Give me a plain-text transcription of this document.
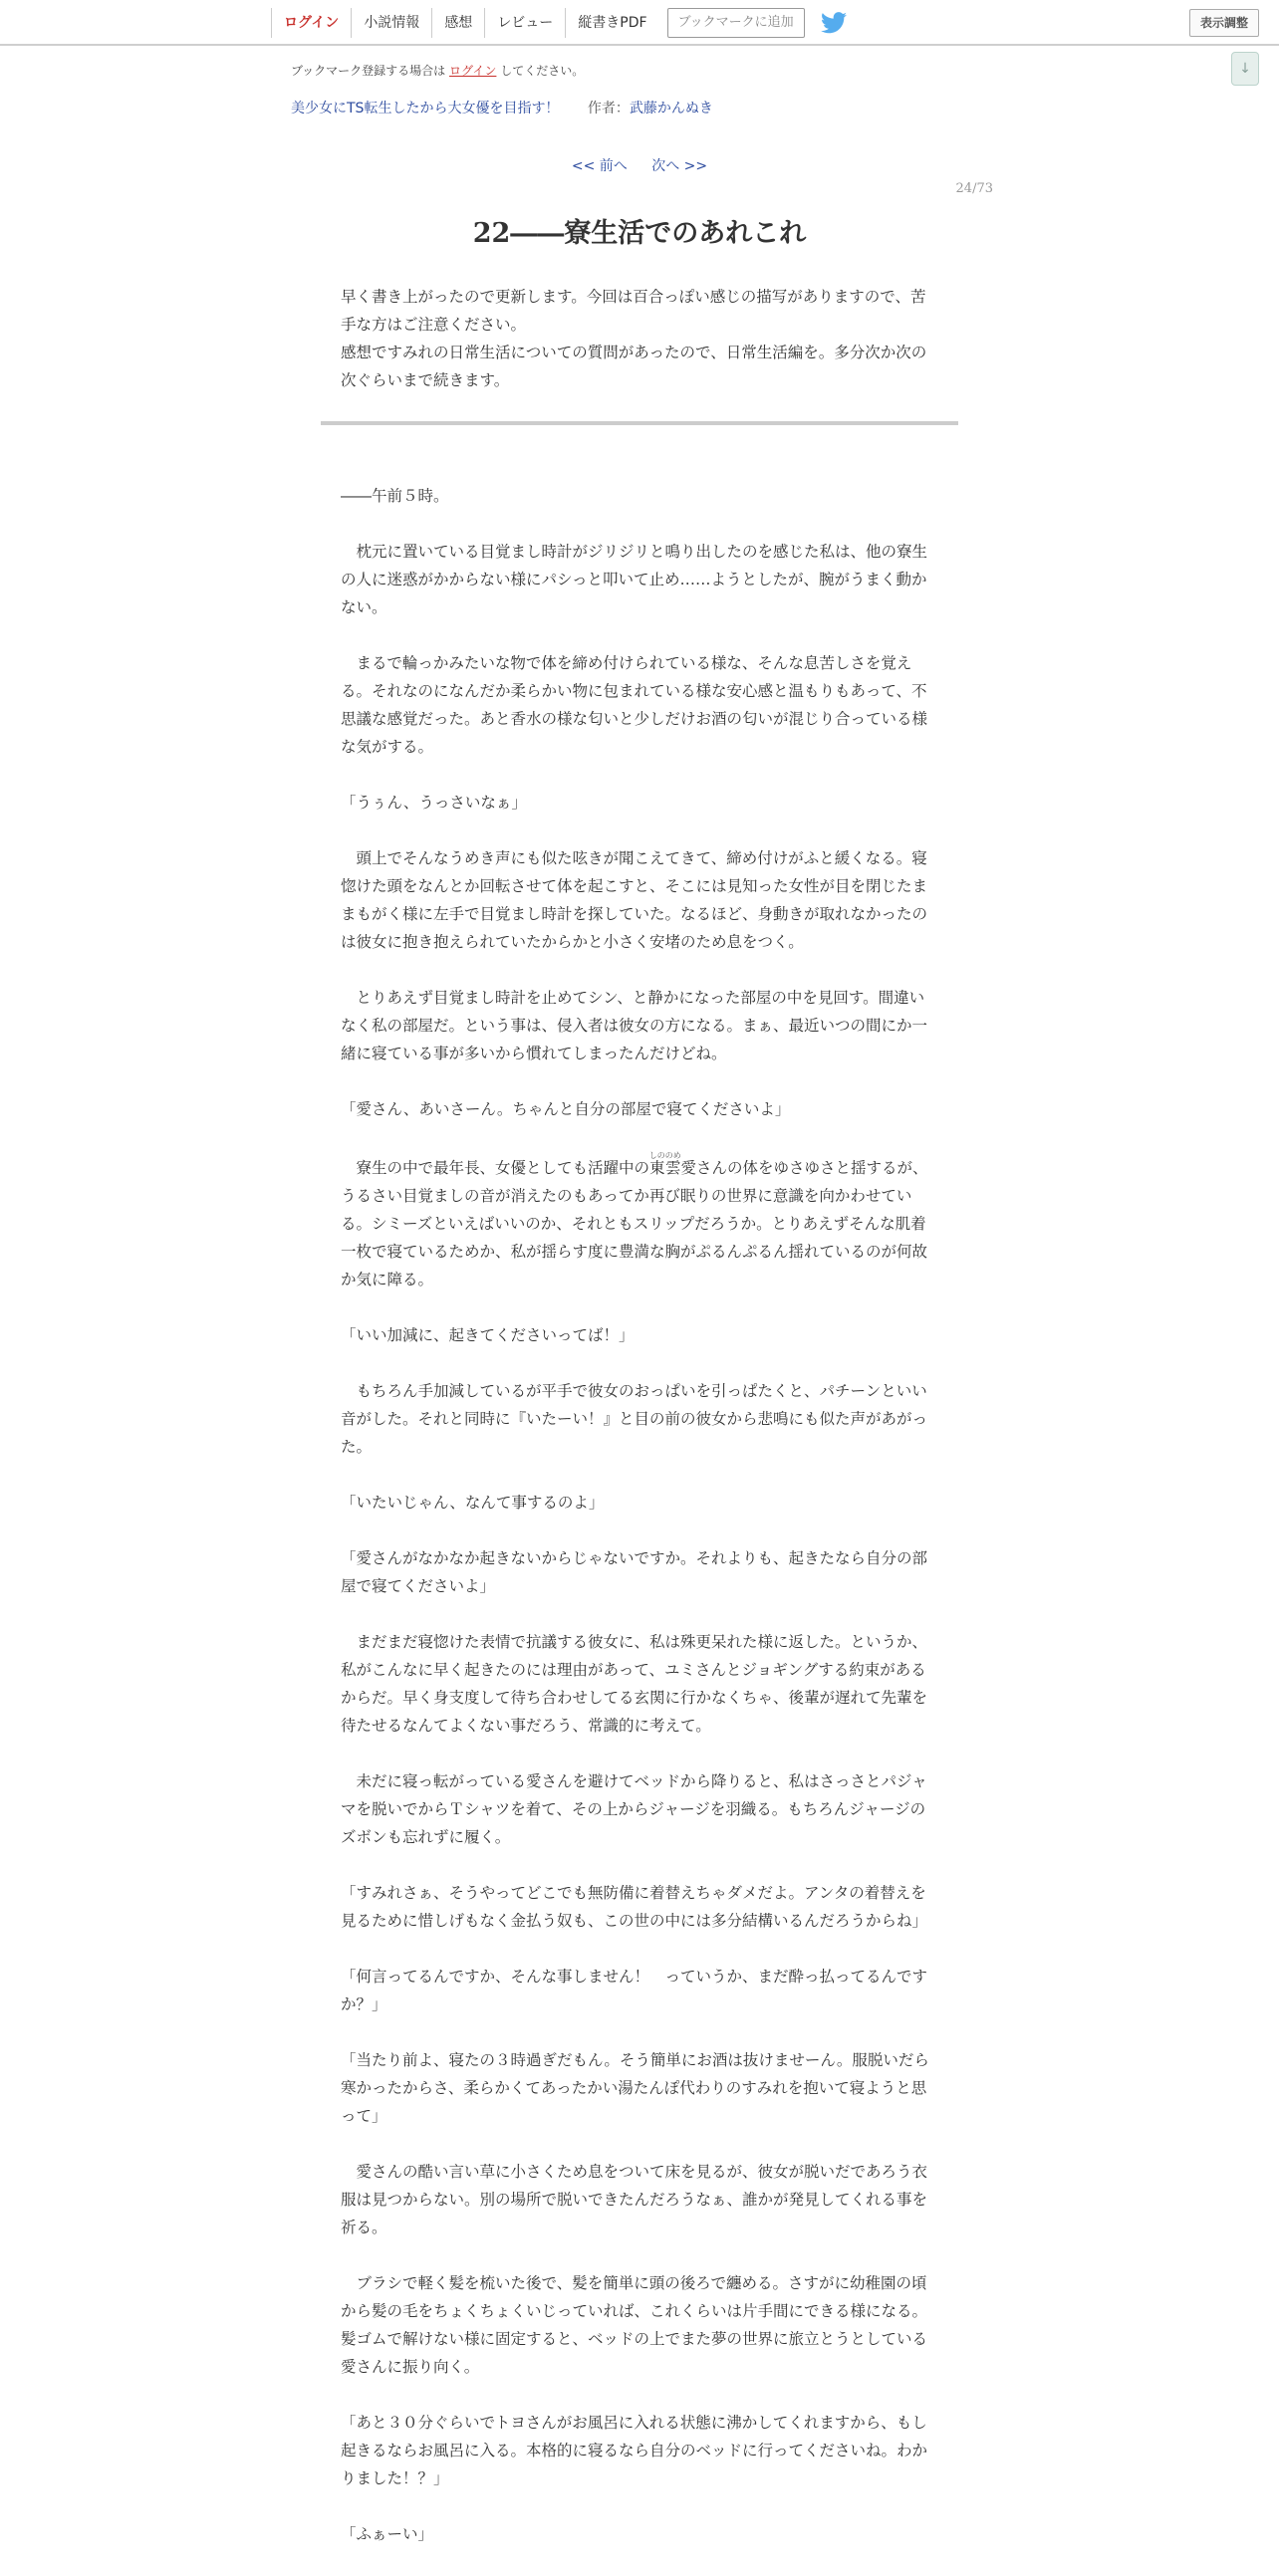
ログイン	小説情報	感想	レビュー	縦書きPDF	ブックマークに追加	表示調整
↓
ブックマーク登録する場合は ログイン してください。
美少女にTS転生したから大女優を目指す！ 作者：武藤かんぬき
<< 前へ 次へ >>
24/73
22――寮生活でのあれこれ

早く書き上がったので更新します。今回は百合っぽい感じの描写がありますので、苦手な方はご注意ください。

感想ですみれの日常生活についての質問があったので、日常生活編を。多分次か次の次ぐらいまで続きます。

――午前５時。

　枕元に置いている目覚まし時計がジリジリと鳴り出したのを感じた私は、他の寮生の人に迷惑がかからない様にパシっと叩いて止め……ようとしたが、腕がうまく動かない。

　まるで輪っかみたいな物で体を締め付けられている様な、そんな息苦しさを覚える。それなのになんだか柔らかい物に包まれている様な安心感と温もりもあって、不思議な感覚だった。あと香水の様な匂いと少しだけお酒の匂いが混じり合っている様な気がする。

「うぅん、うっさいなぁ」

　頭上でそんなうめき声にも似た呟きが聞こえてきて、締め付けがふと緩くなる。寝惚けた頭をなんとか回転させて体を起こすと、そこには見知った女性が目を閉じたままもがく様に左手で目覚まし時計を探していた。なるほど、身動きが取れなかったのは彼女に抱き抱えられていたからかと小さく安堵のため息をつく。

　とりあえず目覚まし時計を止めてシン、と静かになった部屋の中を見回す。間違いなく私の部屋だ。という事は、侵入者は彼女の方になる。まぁ、最近いつの間にか一緒に寝ている事が多いから慣れてしまったんだけどね。

「愛さん、あいさーん。ちゃんと自分の部屋で寝てくださいよ」

　寮生の中で最年長、女優としても活躍中の東雲しののめ愛さんの体をゆさゆさと揺するが、うるさい目覚ましの音が消えたのもあってか再び眠りの世界に意識を向かわせている。シミーズといえばいいのか、それともスリップだろうか。とりあえずそんな肌着一枚で寝ているためか、私が揺らす度に豊満な胸がぷるんぷるん揺れているのが何故か気に障る。

「いい加減に、起きてくださいってば！」

　もちろん手加減しているが平手で彼女のおっぱいを引っぱたくと、パチーンといい音がした。それと同時に『いたーい！』と目の前の彼女から悲鳴にも似た声があがった。

「いたいじゃん、なんて事するのよ」

「愛さんがなかなか起きないからじゃないですか。それよりも、起きたなら自分の部屋で寝てくださいよ」

　まだまだ寝惚けた表情で抗議する彼女に、私は殊更呆れた様に返した。というか、私がこんなに早く起きたのには理由があって、ユミさんとジョギングする約束があるからだ。早く身支度して待ち合わせしてる玄関に行かなくちゃ、後輩が遅れて先輩を待たせるなんてよくない事だろう、常識的に考えて。

　未だに寝っ転がっている愛さんを避けてベッドから降りると、私はさっさとパジャマを脱いでからＴシャツを着て、その上からジャージを羽織る。もちろんジャージのズボンも忘れずに履く。

「すみれさぁ、そうやってどこでも無防備に着替えちゃダメだよ。アンタの着替えを見るために惜しげもなく金払う奴も、この世の中には多分結構いるんだろうからね」

「何言ってるんですか、そんな事しません！　っていうか、まだ酔っ払ってるんですか？」

「当たり前よ、寝たの３時過ぎだもん。そう簡単にお酒は抜けませーん。服脱いだら寒かったからさ、柔らかくてあったかい湯たんぽ代わりのすみれを抱いて寝ようと思って」

　愛さんの酷い言い草に小さくため息をついて床を見るが、彼女が脱いだであろう衣服は見つからない。別の場所で脱いできたんだろうなぁ、誰かが発見してくれる事を祈る。

　ブラシで軽く髪を梳いた後で、髪を簡単に頭の後ろで纏める。さすがに幼稚園の頃から髪の毛をちょくちょくいじっていれば、これくらいは片手間にできる様になる。髪ゴムで解けない様に固定すると、ベッドの上でまた夢の世界に旅立とうとしている愛さんに振り向く。

「あと３０分ぐらいでトヨさんがお風呂に入れる状態に沸かしてくれますから、もし起きるならお風呂に入る。本格的に寝るなら自分のベッドに行ってくださいね。わかりました！？」

「ふぁーい」
